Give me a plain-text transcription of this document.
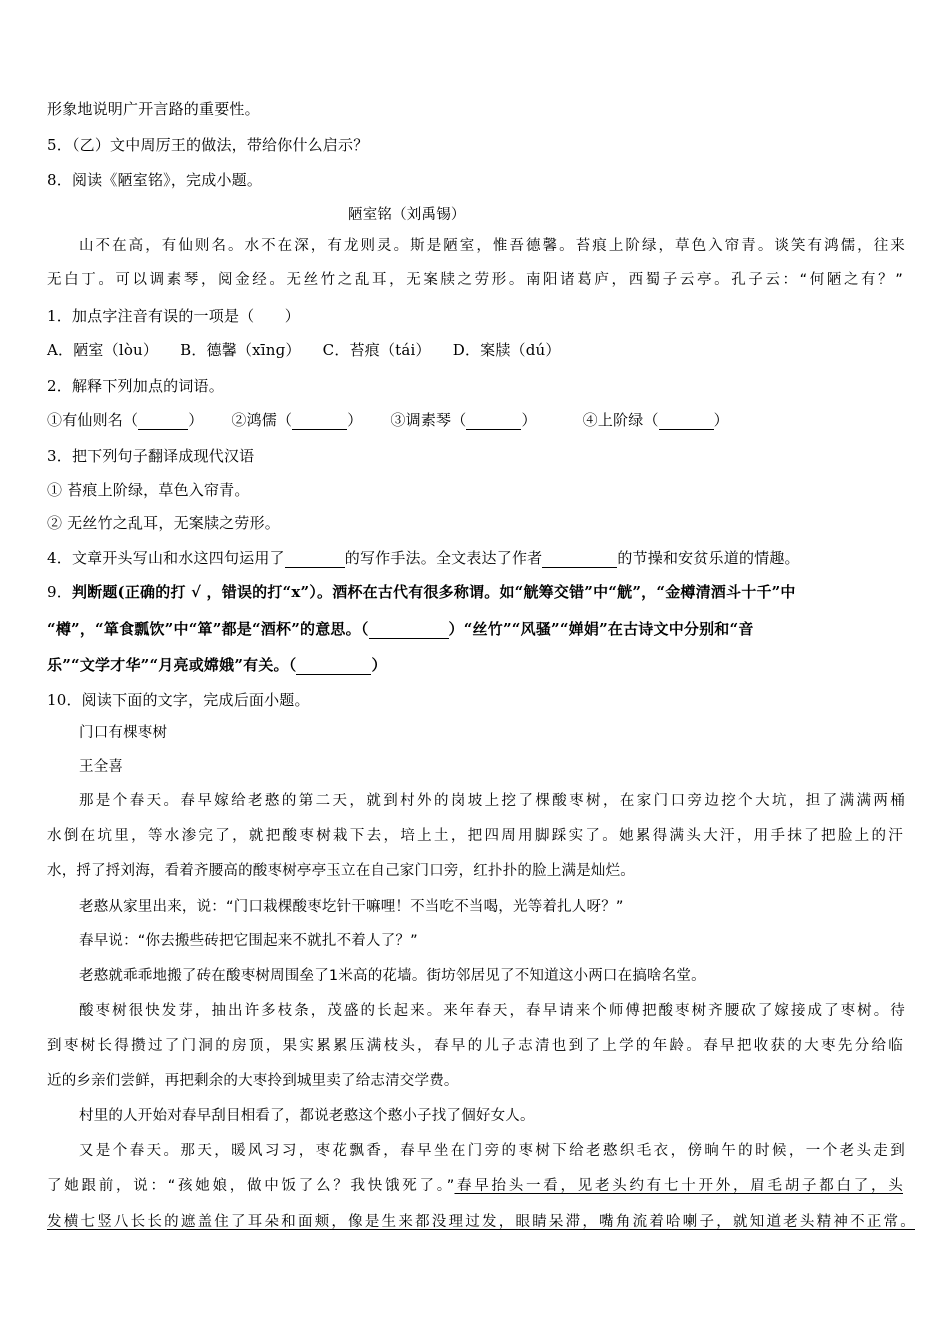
形象地说明广开言路的重要性。
5．（乙）文中周厉王的做法，带给你什么启示？
8．阅读《陋室铭》，完成小题。
陋室铭（刘禹锡）
山不在高，有仙则名。水不在深，有龙则灵。斯是陋室，惟吾德馨。苔痕上阶绿，草色入帘青。谈笑有鸿儒，往来
无白丁。可以调素琴，阅金经。无丝竹之乱耳，无案牍之劳形。南阳诸葛庐，西蜀子云亭。孔子云：“何陋之有？”
1．加点字注音有误的一项是（　　）
A．陋室（lòu） B．德馨（xīnɡ） C．苔痕（tái） D．案牍（dú）
2．解释下列加点的词语。
①有仙则名（	） ②鸿儒（	） ③调素琴（	）	④上阶绿（	）
3．把下列句子翻译成现代汉语
① 苔痕上阶绿，草色入帘青。
② 无丝竹之乱耳，无案牍之劳形。
4．文章开头写山和水这四句运用了	的写作手法。全文表达了作者	的节操和安贫乐道的情趣。
9．判断题(正确的打 √ ，错误的打“x”）。酒杯在古代有很多称谓。如“觥筹交错”中“觥”，“金樽清酒斗十千”中
“樽”，“箪食瓢饮”中“箪”都是“酒杯”的意思。（	）“丝竹”“风骚”“婵娟”在古诗文中分别和“音
乐”“文学才华”“月亮或嫦娥”有关。（	）
10．阅读下面的文字，完成后面小题。
门口有棵枣树
王全喜
那是个春天。春早嫁给老憨的第二天，就到村外的岗坡上挖了棵酸枣树，在家门口旁边挖个大坑，担了满满两桶
水倒在坑里，等水渗完了，就把酸枣树栽下去，培上土，把四周用脚踩实了。她累得满头大汗，用手抹了把脸上的汗
水，捋了捋刘海，看着齐腰高的酸枣树亭亭玉立在自己家门口旁，红扑扑的脸上满是灿烂。
老憨从家里出来，说：“门口栽棵酸枣圪针干嘛哩！不当吃不当喝，光等着扎人呀？”
春早说：“你去搬些砖把它围起来不就扎不着人了？”
老憨就乖乖地搬了砖在酸枣树周围垒了1米高的花墙。街坊邻居见了不知道这小两口在搞啥名堂。
酸枣树很快发芽，抽出许多枝条，茂盛的长起来。来年春天，春早请来个师傅把酸枣树齐腰砍了嫁接成了枣树。待
到枣树长得攒过了门洞的房顶，果实累累压满枝头，春早的儿子志清也到了上学的年龄。春早把收获的大枣先分给临
近的乡亲们尝鲜，再把剩余的大枣拎到城里卖了给志清交学费。
村里的人开始对春早刮目相看了，都说老憨这个憨小子找了個好女人。
又是个春天。那天，暖风习习，枣花飘香，春早坐在门旁的枣树下给老憨织毛衣，傍晌午的时候，一个老头走到
了她跟前，说：“孩她娘，做中饭了么？我快饿死了。”春早抬头一看，见老头约有七十开外，眉毛胡子都白了，头
发横七竖八长长的遮盖住了耳朵和面颊，像是生来都没理过发，眼睛呆滞，嘴角流着哈喇子，就知道老头精神不正常。
